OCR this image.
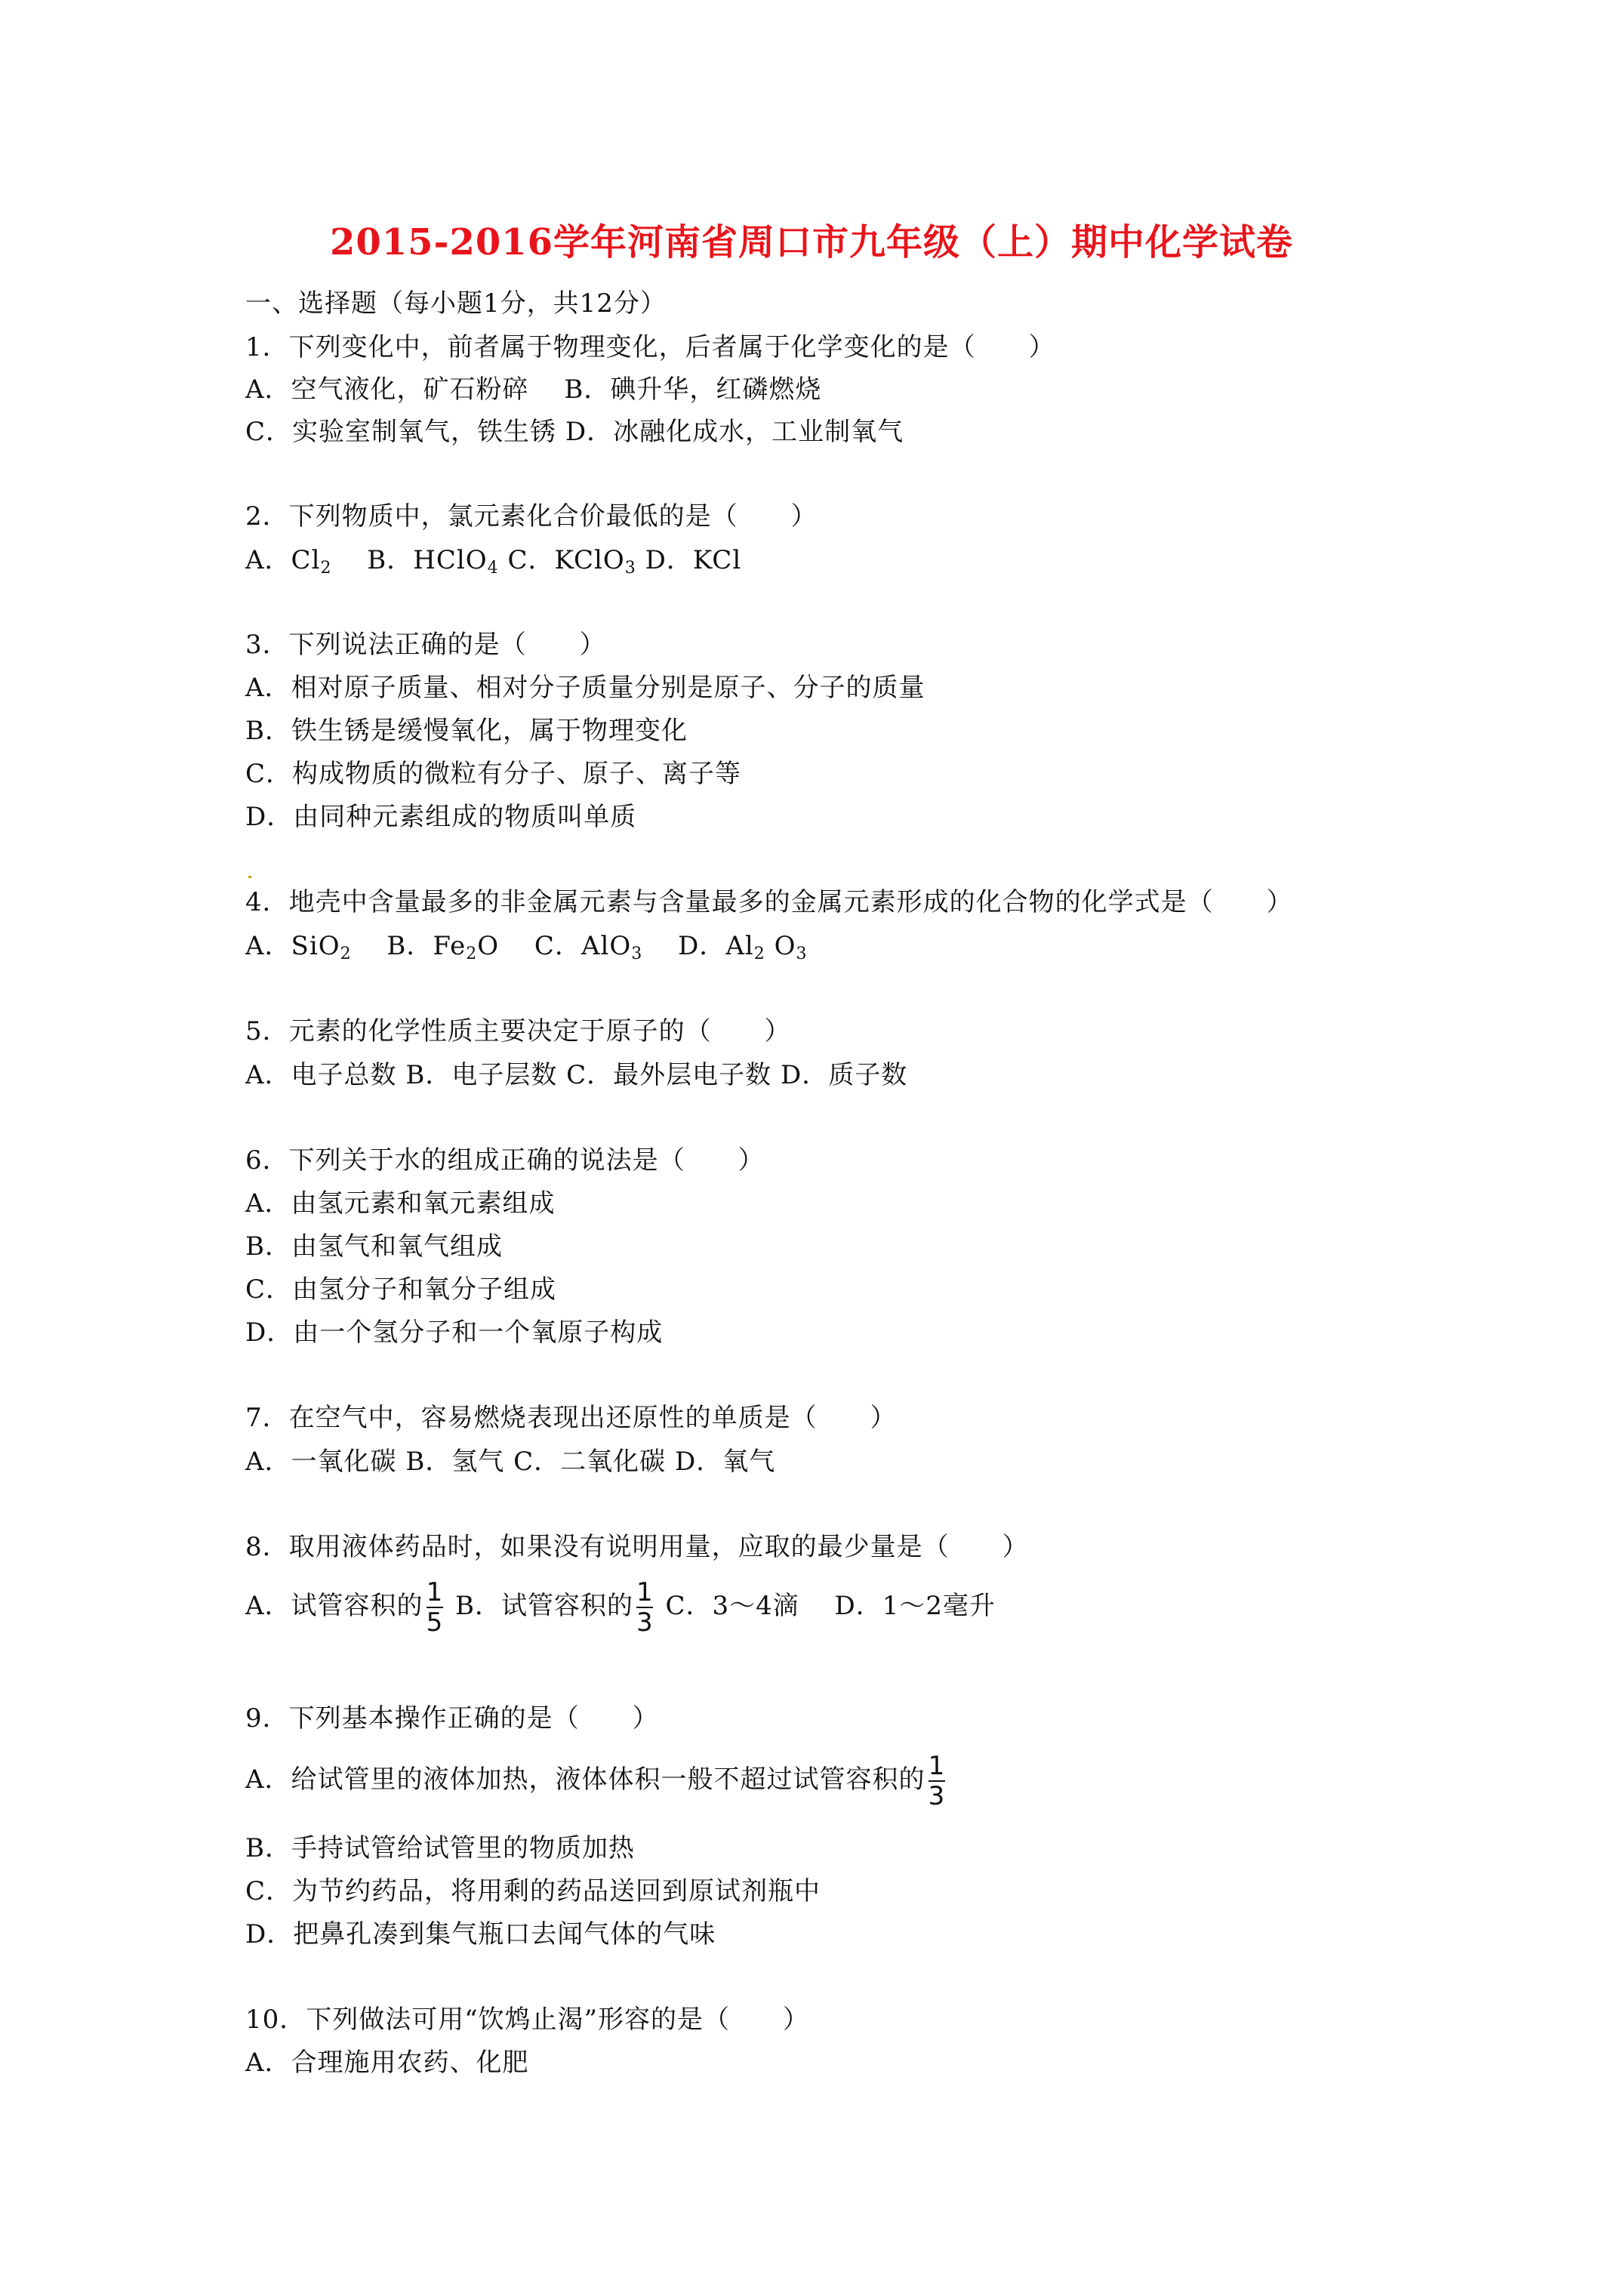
2015-2016学年河南省周口市九年级（上）期中化学试卷
一、选择题（每小题1分，共12分）
1．下列变化中，前者属于物理变化，后者属于化学变化的是（　　）
A．空气液化，矿石粉碎　 B．碘升华，红磷燃烧
C．实验室制氧气，铁生锈 D．冰融化成水，工业制氧气
2．下列物质中，氯元素化合价最低的是（　　）
A．$Cl_2$ 　B．HClO$_4$ C．KClO$_3$ D．KCl
3．下列说法正确的是（　　）
A．相对原子质量、相对分子质量分别是原子、分子的质量
B．铁生锈是缓慢氧化，属于物理变化
C．构成物质的微粒有分子、原子、离子等
D．由同种元素组成的物质叫单质
4．地壳中含量最多的非金属元素与含量最多的金属元素形成的化合物的化学式是（　　）
A．SiO$_2$ 　B．$Fe_2O$ 　C．AlO$_3$ 　D．$Al_2$ $O_3$
5．元素的化学性质主要决定于原子的（　　）
A．电子总数 B．电子层数 C．最外层电子数 D．质子数
6．下列关于水的组成正确的说法是（　　）
A．由氢元素和氧元素组成
B．由氢气和氧气组成
C．由氢分子和氧分子组成
D．由一个氢分子和一个氧原子构成
7．在空气中，容易燃烧表现出还原性的单质是（　　）
A．一氧化碳 B．氢气 C．二氧化碳 D．氧气
8．取用液体药品时，如果没有说明用量，应取的最少量是（　　）
A．试管容积的 $\frac{1}{5}$ B．试管容积的 $\frac{1}{3}$ C．3～4滴　 D．1～2毫升
9．下列基本操作正确的是（　　）
A．给试管里的液体加热，液体体积一般不超过试管容积的 $\frac{1}{3}$
B．手持试管给试管里的物质加热
C．为节约药品，将用剩的药品送回到原试剂瓶中
D．把鼻孔凑到集气瓶口去闻气体的气味
10．下列做法可用“饮鸩止渴”形容的是（　　）
A．合理施用农药、化肥
